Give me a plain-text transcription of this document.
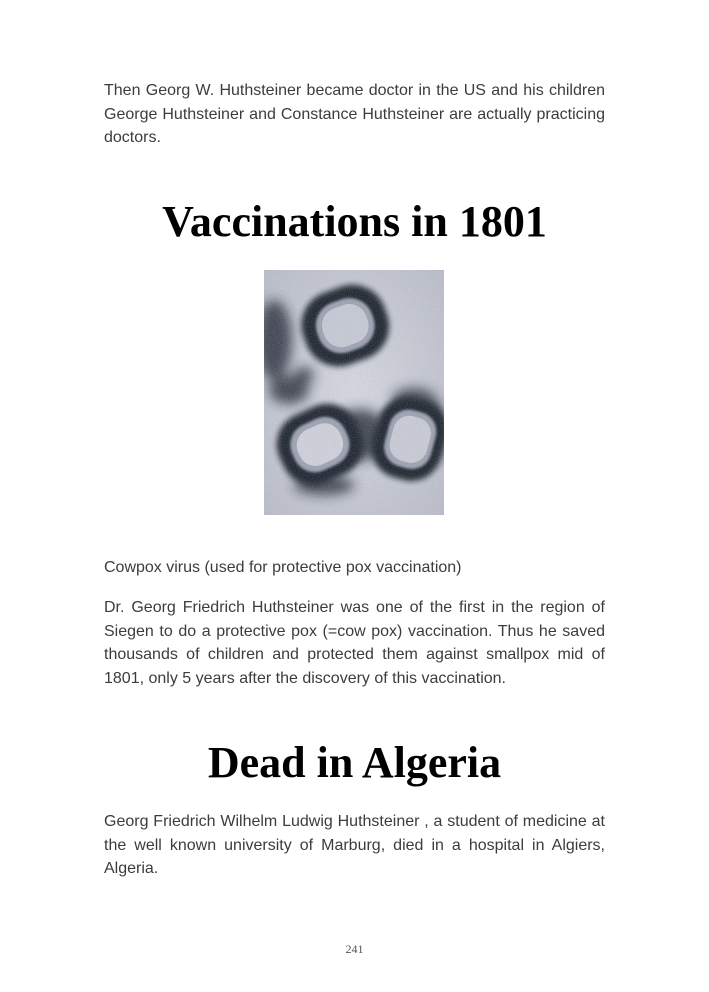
Then Georg W. Huthsteiner became doctor in the US and his children George Huthsteiner and Constance Huthsteiner are actually practicing doctors.

Vaccinations in 1801

Cowpox virus (used for protective pox vaccination)

Dr. Georg Friedrich Huthsteiner was one of the first in the region of Siegen to do a protective pox (=cow pox) vaccination. Thus he saved thousands of children and protected them against smallpox mid of 1801, only 5 years after the discovery of this vaccination.

Dead in Algeria

Georg Friedrich Wilhelm Ludwig Huthsteiner , a student of medicine at the well known university of Marburg, died in a hospital in Algiers, Algeria.

241
